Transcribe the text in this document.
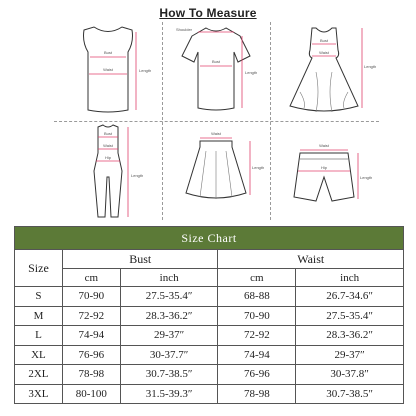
How To Measure
Bust
Waist	Length
Shoulder
Bust
Length
Bust
Waist
Length
Bust
Waist
Hip
Length
Waist
Length
Waist
Hip
Length
Size Chart				
Size	Bust		Waist	
	cm	inch	cm	inch
S	70-90	27.5-35.4″	68-88	26.7-34.6″
M	72-92	28.3-36.2″	70-90	27.5-35.4″
L	74-94	29-37″	72-92	28.3-36.2″
XL	76-96	30-37.7″	74-94	29-37″
2XL	78-98	30.7-38.5″	76-96	30-37.8″
3XL	80-100	31.5-39.3″	78-98	30.7-38.5″
